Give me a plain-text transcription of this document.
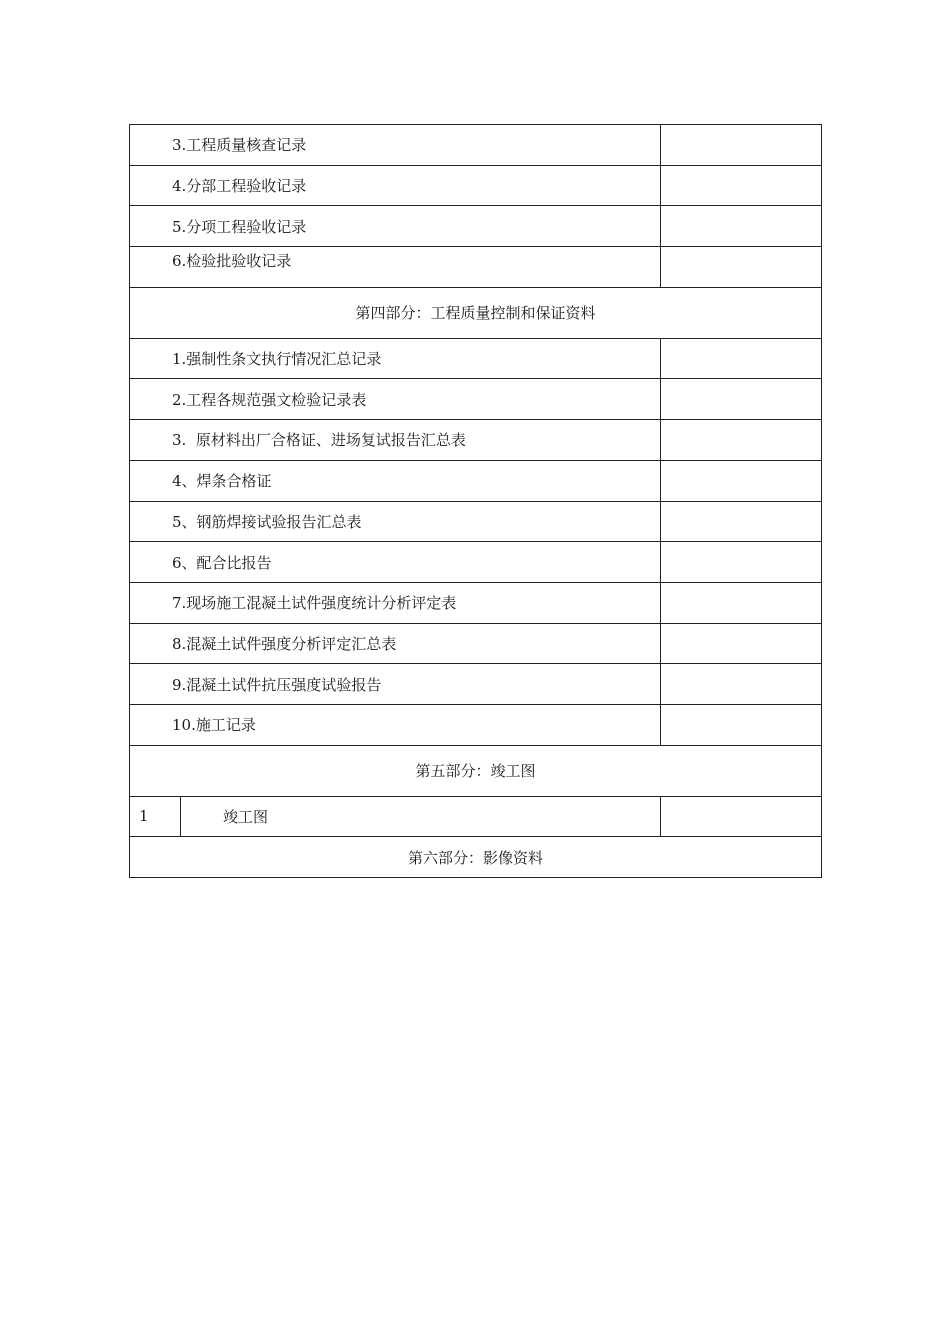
3.工程质量核查记录		
4.分部工程验收记录		
5.分项工程验收记录		
6.检验批验收记录		
第四部分：工程质量控制和保证资料		
1.强制性条文执行情况汇总记录		
2.工程各规范强文检验记录表		
3.  原材料出厂合格证、进场复试报告汇总表		
4、焊条合格证		
5、钢筋焊接试验报告汇总表		
6、配合比报告		
7.现场施工混凝土试件强度统计分析评定表		
8.混凝土试件强度分析评定汇总表		
9.混凝土试件抗压强度试验报告		
10.施工记录		
第五部分：竣工图		
1	竣工图	
第六部分：影像资料		
